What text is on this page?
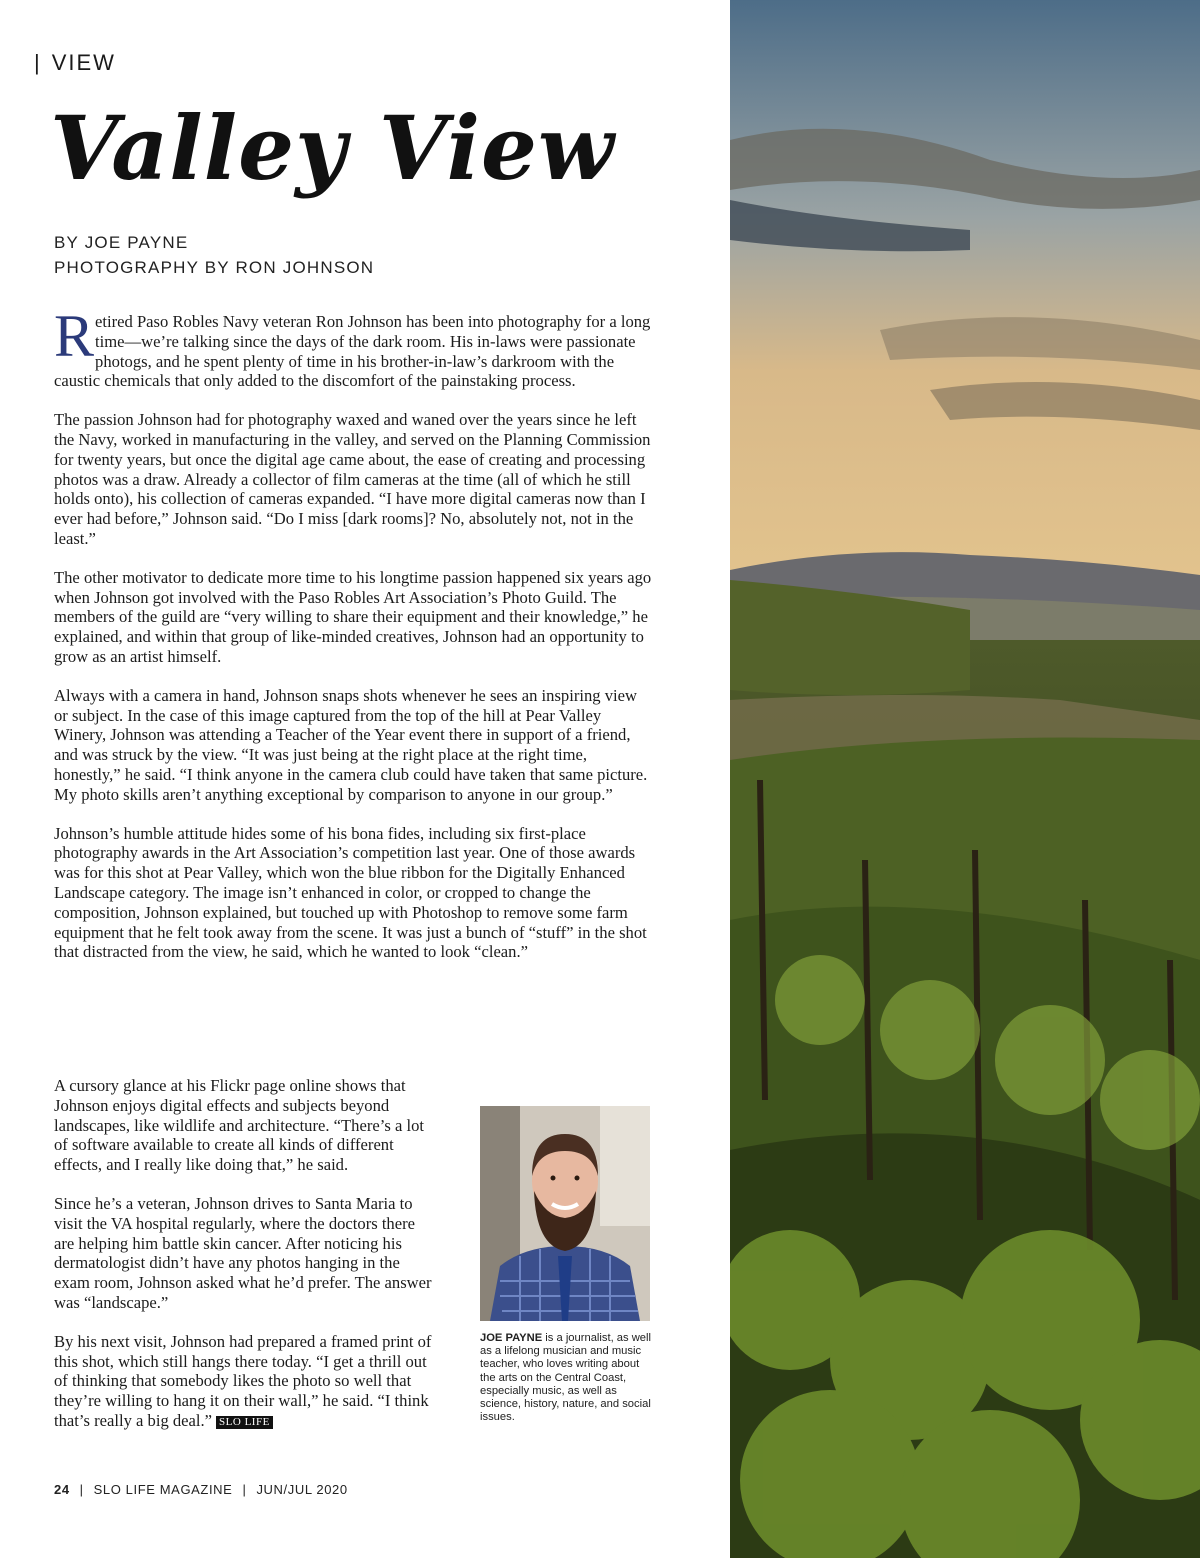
| VIEW
Valley View
BY JOE PAYNE
PHOTOGRAPHY BY RON JOHNSON

Retired Paso Robles Navy veteran Ron Johnson has been into photography for a long time—we’re talking since the days of the dark room. His in-laws were passionate photogs, and he spent plenty of time in his brother-in-law’s darkroom with the caustic chemicals that only added to the discomfort of the painstaking process.

The passion Johnson had for photography waxed and waned over the years since he left the Navy, worked in manufacturing in the valley, and served on the Planning Commission for twenty years, but once the digital age came about, the ease of creating and processing photos was a draw. Already a collector of film cameras at the time (all of which he still holds onto), his collection of cameras expanded. “I have more digital cameras now than I ever had before,” Johnson said. “Do I miss [dark rooms]? No, absolutely not, not in the least.”

The other motivator to dedicate more time to his longtime passion happened six years ago when Johnson got involved with the Paso Robles Art Association’s Photo Guild. The members of the guild are “very willing to share their equipment and their knowledge,” he explained, and within that group of like-minded creatives, Johnson had an opportunity to grow as an artist himself.

Always with a camera in hand, Johnson snaps shots whenever he sees an inspiring view or subject. In the case of this image captured from the top of the hill at Pear Valley Winery, Johnson was attending a Teacher of the Year event there in support of a friend, and was struck by the view. “It was just being at the right place at the right time, honestly,” he said. “I think anyone in the camera club could have taken that same picture. My photo skills aren’t anything exceptional by comparison to anyone in our group.”

Johnson’s humble attitude hides some of his bona fides, including six first-place photography awards in the Art Association’s competition last year. One of those awards was for this shot at Pear Valley, which won the blue ribbon for the Digitally Enhanced Landscape category. The image isn’t enhanced in color, or cropped to change the composition, Johnson explained, but touched up with Photoshop to remove some farm equipment that he felt took away from the scene. It was just a bunch of “stuff” in the shot that distracted from the view, he said, which he wanted to look “clean.”

A cursory glance at his Flickr page online shows that Johnson enjoys digital effects and subjects beyond landscapes, like wildlife and architecture. “There’s a lot of software available to create all kinds of different effects, and I really like doing that,” he said.

Since he’s a veteran, Johnson drives to Santa Maria to visit the VA hospital regularly, where the doctors there are helping him battle skin cancer. After noticing his dermatologist didn’t have any photos hanging in the exam room, Johnson asked what he’d prefer. The answer was “landscape.”

By his next visit, Johnson had prepared a framed print of this shot, which still hangs there today. “I get a thrill out of thinking that somebody likes the photo so well that they’re willing to hang it on their wall,” he said. “I think that’s really a big deal.” SLO LIFE

JOE PAYNE is a journalist, as well as a lifelong musician and music teacher, who loves writing about the arts on the Central Coast, especially music, as well as science, history, nature, and social issues.
24 | SLO LIFE MAGAZINE | JUN/JUL 2020
